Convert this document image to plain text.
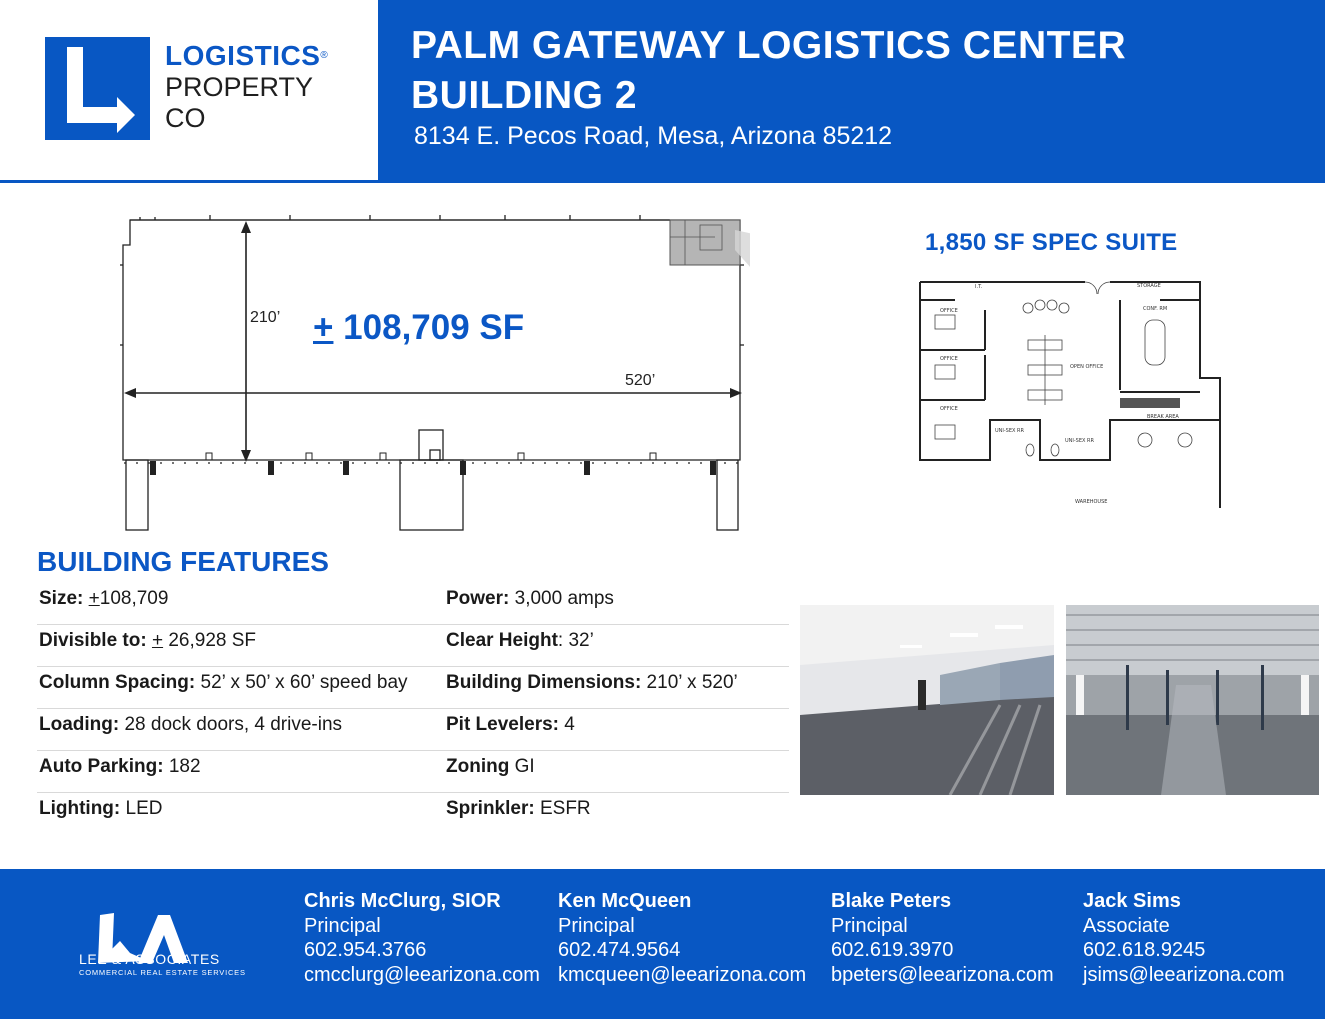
LOGISTICS®
PROPERTY
CO
PALM GATEWAY LOGISTICS CENTER
BUILDING 2
8134 E. Pecos Road, Mesa, Arizona 85212
210’
520’
+ 108,709 SF
1,850 SF SPEC SUITE
I.T.	STORAGE
OFFICE
OFFICE
OFFICE
CONF. RM
OPEN OFFICE
BREAK AREA
UNI-SEX RR
UNI-SEX RR
WAREHOUSE
BUILDING FEATURES
Size: +108,709	Power: 3,000 amps
Divisible to: + 26,928 SF	Clear Height: 32’
Column Spacing: 52’ x 50’ x 60’ speed bay Building Dimensions: 210’ x 520’
Loading: 28 dock doors, 4 drive-ins	Pit Levelers: 4
Auto Parking: 182	Zoning GI
Lighting: LED	Sprinkler: ESFR
LEE & ASSOCIATES
COMMERCIAL REAL ESTATE SERVICES
Chris McClurg, SIOR
Principal
602.954.3766
cmcclurg@leearizona.com
Ken McQueen
Principal
602.474.9564
kmcqueen@leearizona.com
Blake Peters
Principal
602.619.3970
bpeters@leearizona.com
Jack Sims
Associate
602.618.9245
jsims@leearizona.com
